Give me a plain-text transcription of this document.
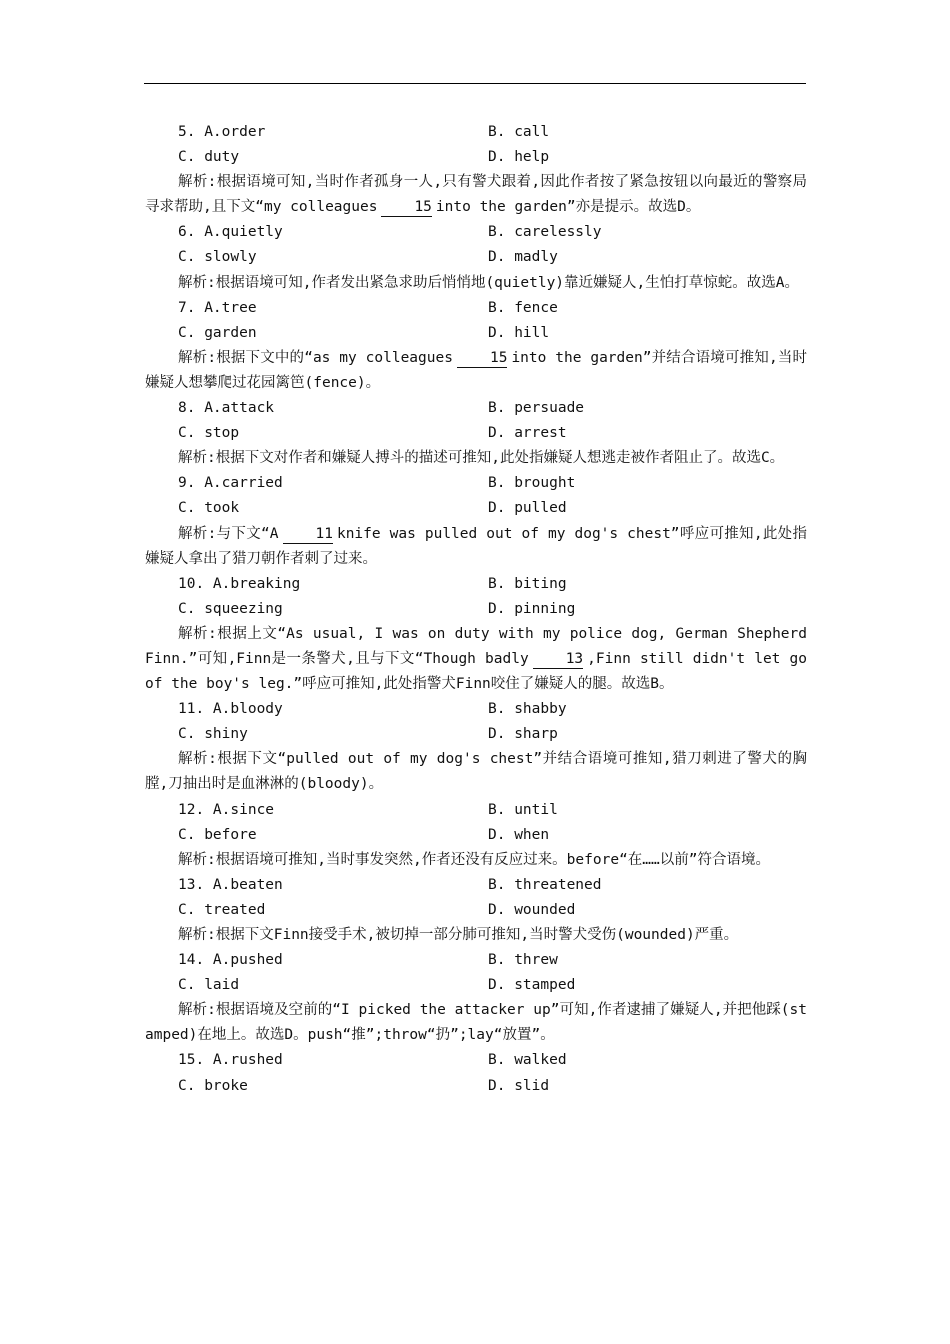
5. A.order	B. call
C. duty	D. help
解析:根据语境可知,当时作者孤身一人,只有警犬跟着,因此作者按了紧急按钮以向最近的警察局寻求帮助,且下文“my colleagues	15 into the garden”亦是提示。故选D。
6. A.quietly	B. carelessly
C. slowly	D. madly
解析:根据语境可知,作者发出紧急求助后悄悄地(quietly)靠近嫌疑人,生怕打草惊蛇。故选A。
7. A.tree	B. fence
C. garden	D. hill
解析:根据下文中的“as my colleagues	15 into the garden”并结合语境可推知,当时嫌疑人想攀爬过花园篱笆(fence)。
8. A.attack	B. persuade
C. stop	D. arrest
解析:根据下文对作者和嫌疑人搏斗的描述可推知,此处指嫌疑人想逃走被作者阻止了。故选C。
9. A.carried	B. brought
C. took	D. pulled
解析:与下文“A	11 knife was pulled out of my dog's chest”呼应可推知,此处指嫌疑人拿出了猎刀朝作者刺了过来。
10. A.breaking	B. biting
C. squeezing	D. pinning
解析:根据上文“As usual, I was on duty with my police dog, German Shepherd Finn.”可知,Finn是一条警犬,且与下文“Though badly	13 ,Finn still didn't let go of the boy's leg.”呼应可推知,此处指警犬Finn咬住了嫌疑人的腿。故选B。
11. A.bloody	B. shabby
C. shiny	D. sharp
解析:根据下文“pulled out of my dog's chest”并结合语境可推知,猎刀刺进了警犬的胸膛,刀抽出时是血淋淋的(bloody)。
12. A.since	B. until
C. before	D. when
解析:根据语境可推知,当时事发突然,作者还没有反应过来。before“在……以前”符合语境。
13. A.beaten	B. threatened
C. treated	D. wounded
解析:根据下文Finn接受手术,被切掉一部分肺可推知,当时警犬受伤(wounded)严重。
14. A.pushed	B. threw
C. laid	D. stamped
解析:根据语境及空前的“I picked the attacker up”可知,作者逮捕了嫌疑人,并把他踩(stamped)在地上。故选D。push“推”;throw“扔”;lay“放置”。
15. A.rushed	B. walked
C. broke	D. slid
